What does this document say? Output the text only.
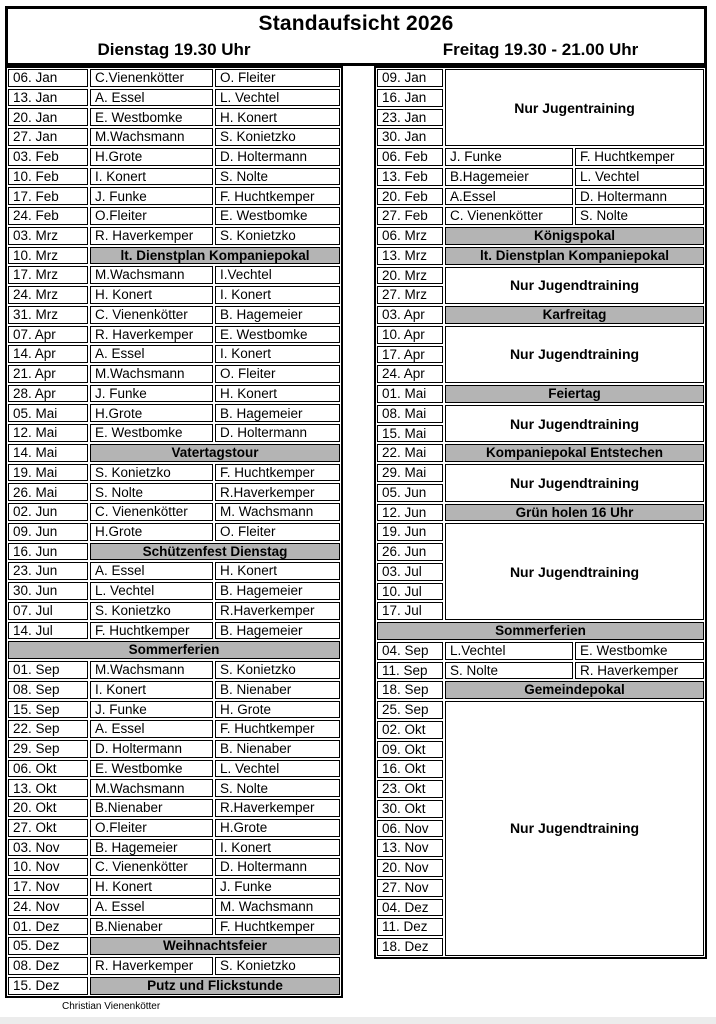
Standaufsicht 2026
Dienstag 19.30 Uhr	Freitag 19.30 - 21.00 Uhr
06. Jan	C.Vienenkötter	O. Fleiter
13. Jan	A. Essel	L. Vechtel
20. Jan	E. Westbomke	H. Konert
27. Jan	M.Wachsmann	S. Konietzko
03. Feb	H.Grote	D. Holtermann
10. Feb	I. Konert	S. Nolte
17. Feb	J. Funke	F. Huchtkemper
24. Feb	O.Fleiter	E. Westbomke
03. Mrz	R. Haverkemper	S. Konietzko
10. Mrz	lt. Dienstplan Kompaniepokal
17. Mrz	M.Wachsmann	I.Vechtel
24. Mrz	H. Konert	I. Konert
31. Mrz	C. Vienenkötter	B. Hagemeier
07. Apr	R. Haverkemper	E. Westbomke
14. Apr	A. Essel	I. Konert
21. Apr	M.Wachsmann	O. Fleiter
28. Apr	J. Funke	H. Konert
05. Mai	H.Grote	B. Hagemeier
12. Mai	E. Westbomke	D. Holtermann
14. Mai	Vatertagstour
19. Mai	S. Konietzko	F. Huchtkemper
26. Mai	S. Nolte	R.Haverkemper
02. Jun	C. Vienenkötter	M. Wachsmann
09. Jun	H.Grote	O. Fleiter
16. Jun	Schützenfest Dienstag
23. Jun	A. Essel	H. Konert
30. Jun	L. Vechtel	B. Hagemeier
07. Jul	S. Konietzko	R.Haverkemper
14. Jul	F. Huchtkemper	B. Hagemeier
Sommerferien
01. Sep	M.Wachsmann	S. Konietzko
08. Sep	I. Konert	B. Nienaber
15. Sep	J. Funke	H. Grote
22. Sep	A. Essel	F. Huchtkemper
29. Sep	D. Holtermann	B. Nienaber
06. Okt	E. Westbomke	L. Vechtel
13. Okt	M.Wachsmann	S. Nolte
20. Okt	B.Nienaber	R.Haverkemper
27. Okt	O.Fleiter	H.Grote
03. Nov	B. Hagemeier	I. Konert
10. Nov	C. Vienenkötter	D. Holtermann
17. Nov	H. Konert	J. Funke
24. Nov	A. Essel	M. Wachsmann
01. Dez	B.Nienaber	F. Huchtkemper
05. Dez	Weihnachtsfeier
08. Dez	R. Haverkemper	S. Konietzko
15. Dez	Putz und Flickstunde
09. Jan
Nur Jugentraining
16. Jan
23. Jan
30. Jan
06. Feb	J. Funke	F. Huchtkemper
13. Feb	B.Hagemeier	L. Vechtel
20. Feb	A.Essel	D. Holtermann
27. Feb	C. Vienenkötter	S. Nolte
06. Mrz	Königspokal
13. Mrz	lt. Dienstplan Kompaniepokal
20. Mrz
Nur Jugendtraining
27. Mrz
03. Apr	Karfreitag
10. Apr
Nur Jugendtraining
17. Apr
24. Apr
01. Mai	Feiertag
08. Mai
Nur Jugendtraining
15. Mai
22. Mai	Kompaniepokal Entstechen
29. Mai
Nur Jugendtraining
05. Jun
12. Jun	Grün holen 16 Uhr
19. Jun
Nur Jugendtraining
26. Jun
03. Jul
10. Jul
17. Jul
Sommerferien
04. Sep	L.Vechtel	E. Westbomke
11. Sep	S. Nolte	R. Haverkemper
18. Sep	Gemeindepokal
25. Sep
Nur Jugendtraining
02. Okt
09. Okt
16. Okt
23. Okt
30. Okt
06. Nov
13. Nov
20. Nov
27. Nov
04. Dez
11. Dez
18. Dez
Christian Vienenkötter
